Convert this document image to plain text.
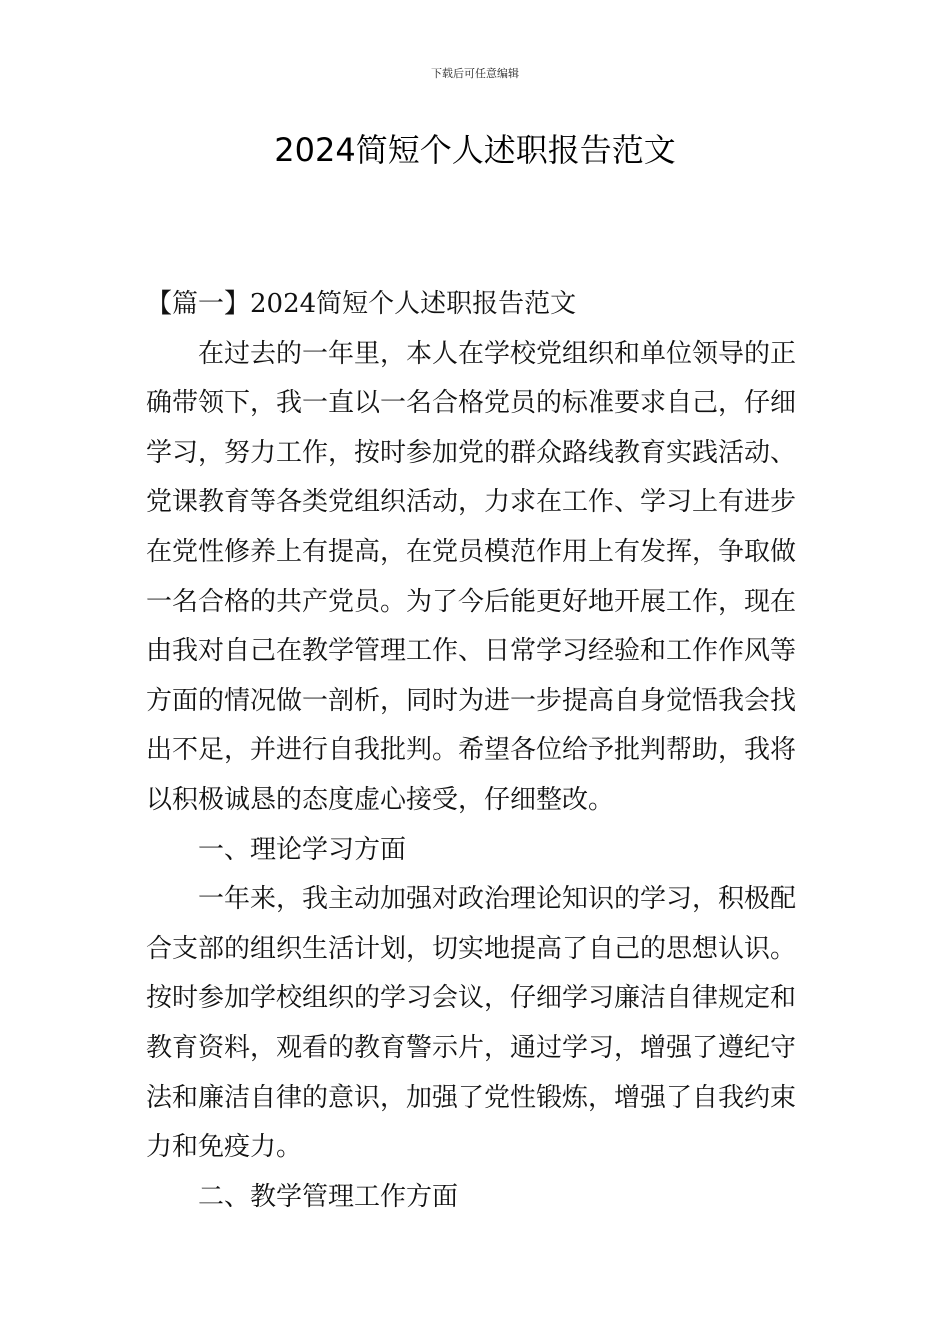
下载后可任意编辑
2024简短个人述职报告范文
【篇一】2024简短个人述职报告范文
在过去的一年里，本人在学校党组织和单位领导的正
确带领下，我一直以一名合格党员的标准要求自己，仔细
学习，努力工作，按时参加党的群众路线教育实践活动、
党课教育等各类党组织活动，力求在工作、学习上有进步
在党性修养上有提高，在党员模范作用上有发挥，争取做
一名合格的共产党员。为了今后能更好地开展工作，现在
由我对自己在教学管理工作、日常学习经验和工作作风等
方面的情况做一剖析，同时为进一步提高自身觉悟我会找
出不足，并进行自我批判。希望各位给予批判帮助，我将
以积极诚恳的态度虚心接受，仔细整改。
一、理论学习方面
一年来，我主动加强对政治理论知识的学习，积极配
合支部的组织生活计划，切实地提高了自己的思想认识。
按时参加学校组织的学习会议，仔细学习廉洁自律规定和
教育资料，观看的教育警示片，通过学习，增强了遵纪守
法和廉洁自律的意识，加强了党性锻炼，增强了自我约束
力和免疫力。
二、教学管理工作方面
